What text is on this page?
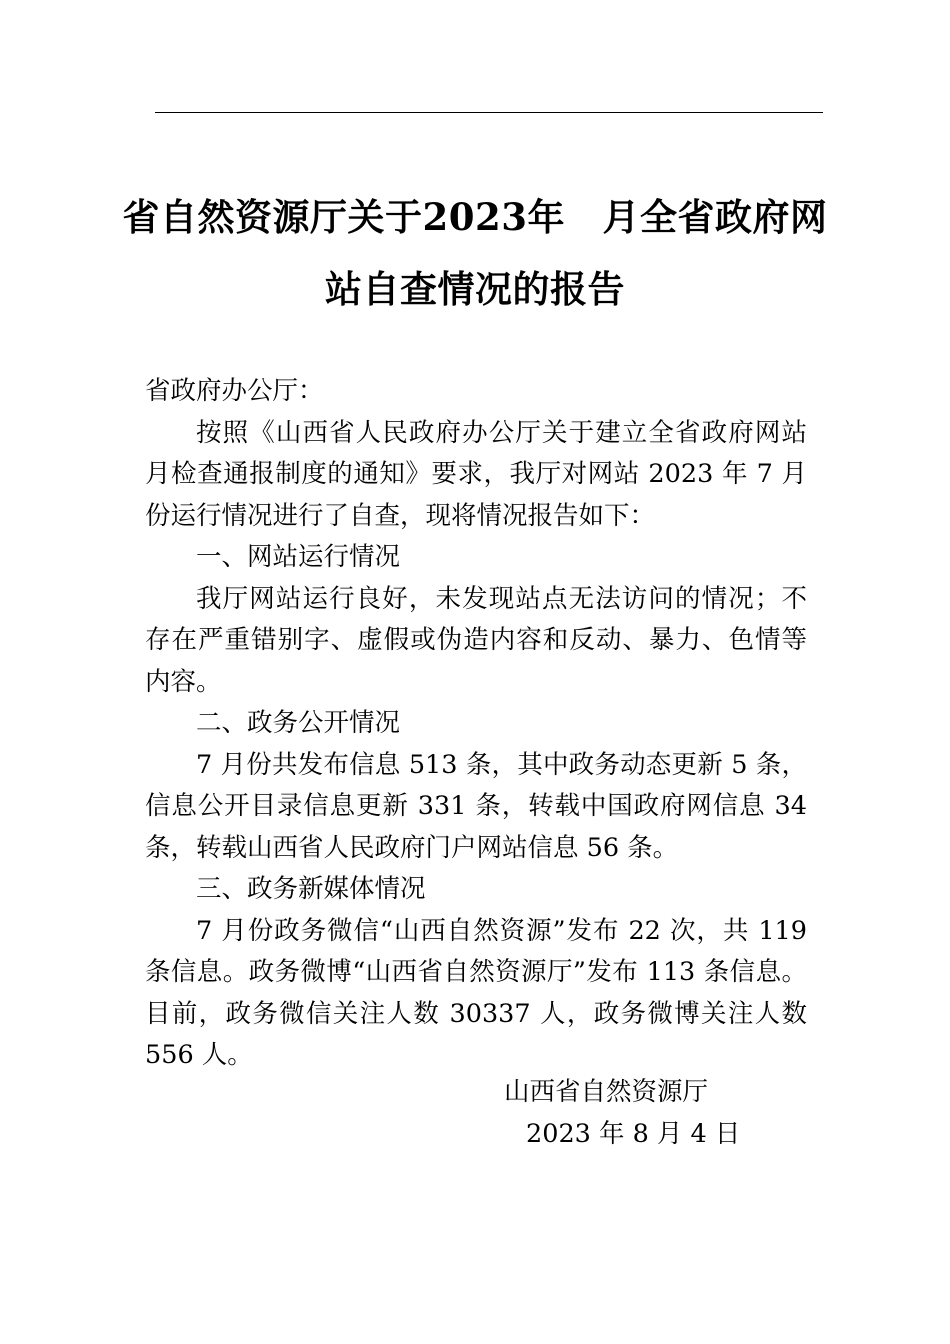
省自然资源厅关于2023年　月全省政府网
站自查情况的报告

省政府办公厅：

按照《山西省人民政府办公厅关于建立全省政府网站月检查通报制度的通知》要求，我厅对网站 2023 年 7 月份运行情况进行了自查，现将情况报告如下：

一、网站运行情况

我厅网站运行良好，未发现站点无法访问的情况；不存在严重错别字、虚假或伪造内容和反动、暴力、色情等内容。

二、政务公开情况

7 月份共发布信息 513 条，其中政务动态更新 5 条，信息公开目录信息更新 331 条，转载中国政府网信息 34 条，转载山西省人民政府门户网站信息 56 条。

三、政务新媒体情况

7 月份政务微信“山西自然资源”发布 22 次，共 119 条信息。政务微博“山西省自然资源厅”发布 113 条信息。目前，政务微信关注人数 30337 人，政务微博关注人数 556 人。

山西省自然资源厅
2023 年 8 月 4 日
